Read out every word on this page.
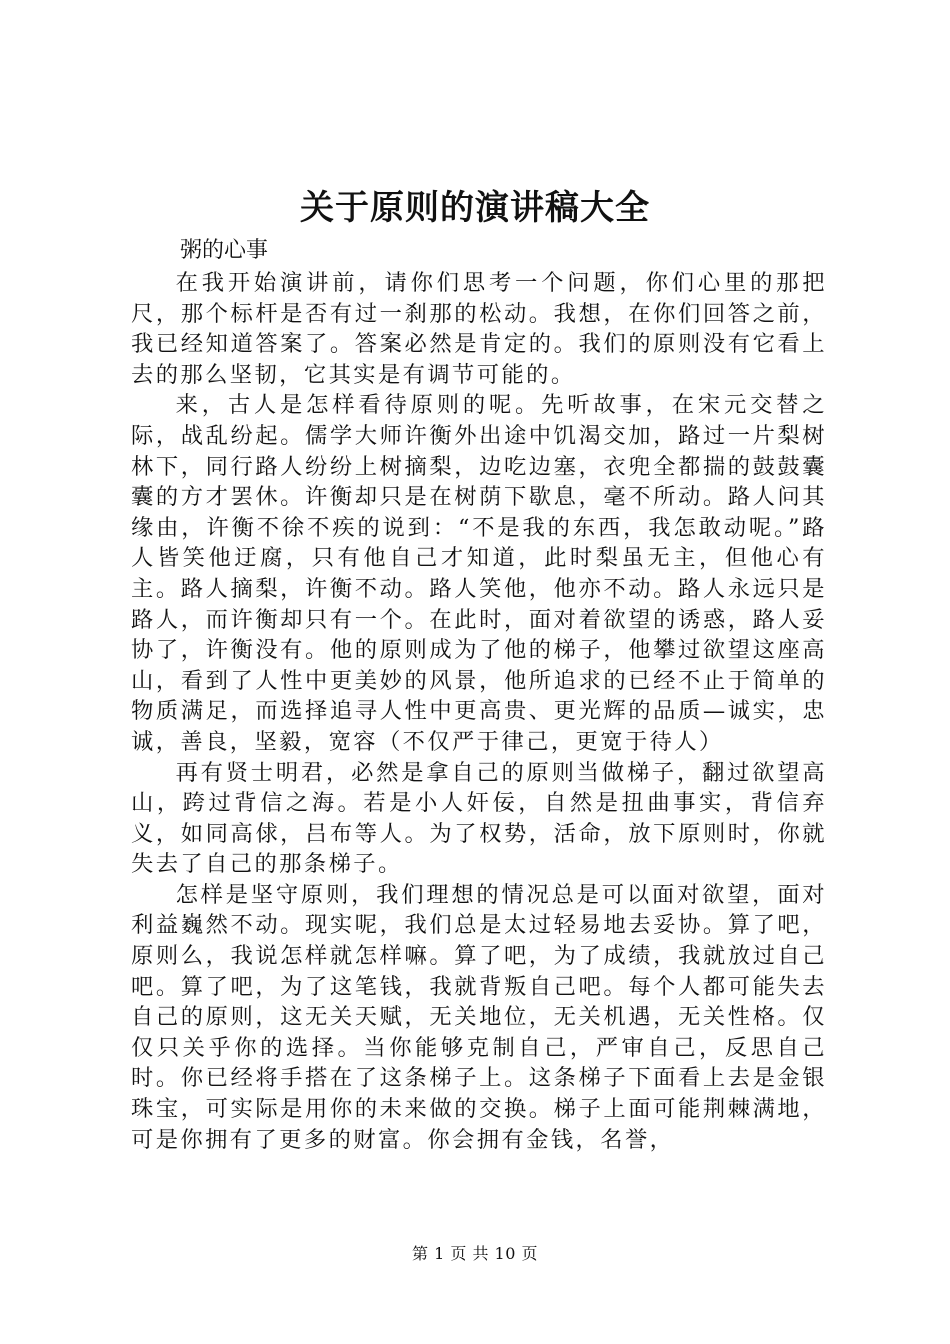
关于原则的演讲稿大全

粥的心事

在我开始演讲前，请你们思考一个问题，你们心里的那把尺，那个标杆是否有过一刹那的松动。我想，在你们回答之前，我已经知道答案了。答案必然是肯定的。我们的原则没有它看上去的那么坚韧，它其实是有调节可能的。

来，古人是怎样看待原则的呢。先听故事，在宋元交替之际，战乱纷起。儒学大师许衡外出途中饥渴交加，路过一片梨树林下，同行路人纷纷上树摘梨，边吃边塞，衣兜全都揣的鼓鼓囊囊的方才罢休。许衡却只是在树荫下歇息，毫不所动。路人问其缘由，许衡不徐不疾的说到：“不是我的东西，我怎敢动呢。”路人皆笑他迂腐，只有他自己才知道，此时梨虽无主，但他心有主。路人摘梨，许衡不动。路人笑他，他亦不动。路人永远只是路人，而许衡却只有一个。在此时，面对着欲望的诱惑，路人妥协了，许衡没有。他的原则成为了他的梯子，他攀过欲望这座高山，看到了人性中更美妙的风景，他所追求的已经不止于简单的物质满足，而选择追寻人性中更高贵、更光辉的品质—诚实，忠诚，善良，坚毅，宽容（不仅严于律己，更宽于待人）

再有贤士明君，必然是拿自己的原则当做梯子，翻过欲望高山，跨过背信之海。若是小人奸佞，自然是扭曲事实，背信弃义，如同高俅，吕布等人。为了权势，活命，放下原则时，你就失去了自己的那条梯子。

怎样是坚守原则，我们理想的情况总是可以面对欲望，面对利益巍然不动。现实呢，我们总是太过轻易地去妥协。算了吧，原则么，我说怎样就怎样嘛。算了吧，为了成绩，我就放过自己吧。算了吧，为了这笔钱，我就背叛自己吧。每个人都可能失去自己的原则，这无关天赋，无关地位，无关机遇，无关性格。仅仅只关乎你的选择。当你能够克制自己，严审自己，反思自己时。你已经将手搭在了这条梯子上。这条梯子下面看上去是金银珠宝，可实际是用你的未来做的交换。梯子上面可能荆棘满地，可是你拥有了更多的财富。你会拥有金钱，名誉，

第 1 页 共 10 页
